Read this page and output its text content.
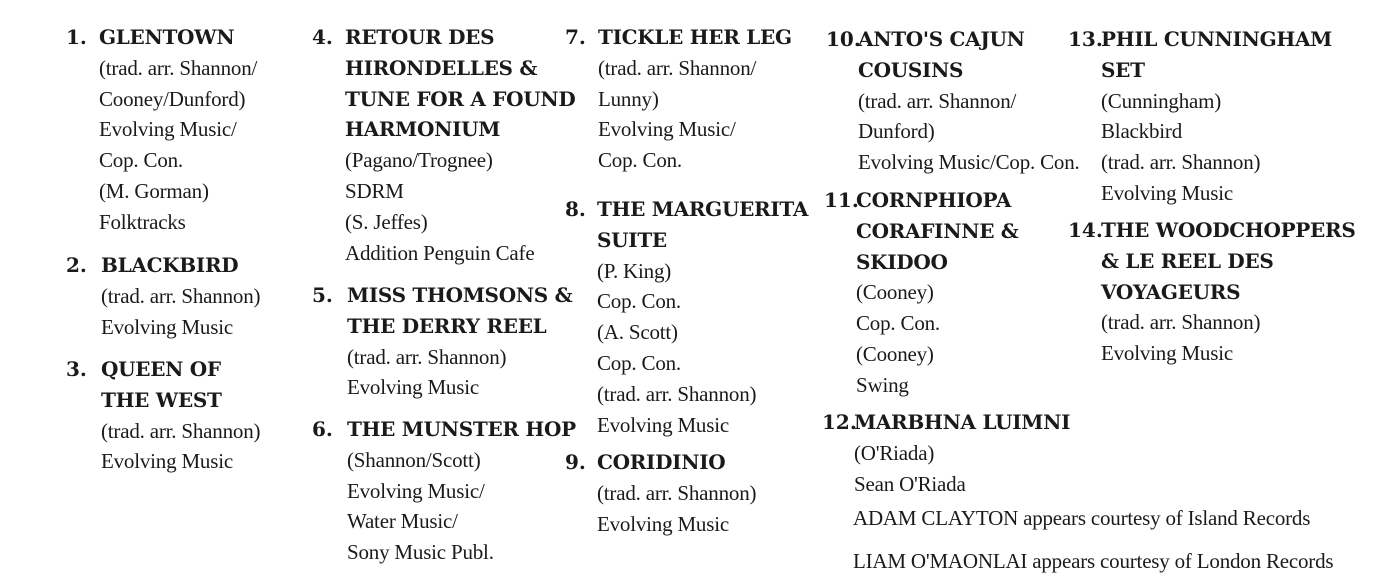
1. GLENTOWN
(trad. arr. Shannon/
Cooney/Dunford)
Evolving Music/
Cop. Con.
(M. Gorman)
Folktracks
2. BLACKBIRD
(trad. arr. Shannon)
Evolving Music
3. QUEEN OF
THE WEST
(trad. arr. Shannon)
Evolving Music
4. RETOUR DES
HIRONDELLES &
TUNE FOR A FOUND
HARMONIUM
(Pagano/Trognee)
SDRM
(S. Jeffes)
Addition Penguin Cafe
5. MISS THOMSONS &
THE DERRY REEL
(trad. arr. Shannon)
Evolving Music
6. THE MUNSTER HOP
(Shannon/Scott)
Evolving Music/
Water Music/
Sony Music Publ.
7. TICKLE HER LEG
(trad. arr. Shannon/
Lunny)
Evolving Music/
Cop. Con.
8. THE MARGUERITA
SUITE
(P. King)
Cop. Con.
(A. Scott)
Cop. Con.
(trad. arr. Shannon)
Evolving Music
9. CORIDINIO
(trad. arr. Shannon)
Evolving Music
10.
ANTO'S CAJUN
COUSINS
(trad. arr. Shannon/
Dunford)
Evolving Music/Cop. Con.
11.
CORNPHIOPA
CORAFINNE &
SKIDOO
(Cooney)
Cop. Con.
(Cooney)
Swing
12.
MARBHNA LUIMNI
(O'Riada)
Sean O'Riada
13.
PHIL CUNNINGHAM
SET
(Cunningham)
Blackbird
(trad. arr. Shannon)
Evolving Music
14.
THE WOODCHOPPERS
& LE REEL DES
VOYAGEURS
(trad. arr. Shannon)
Evolving Music
ADAM CLAYTON appears courtesy of Island Records
LIAM O'MAONLAI appears courtesy of London Records
